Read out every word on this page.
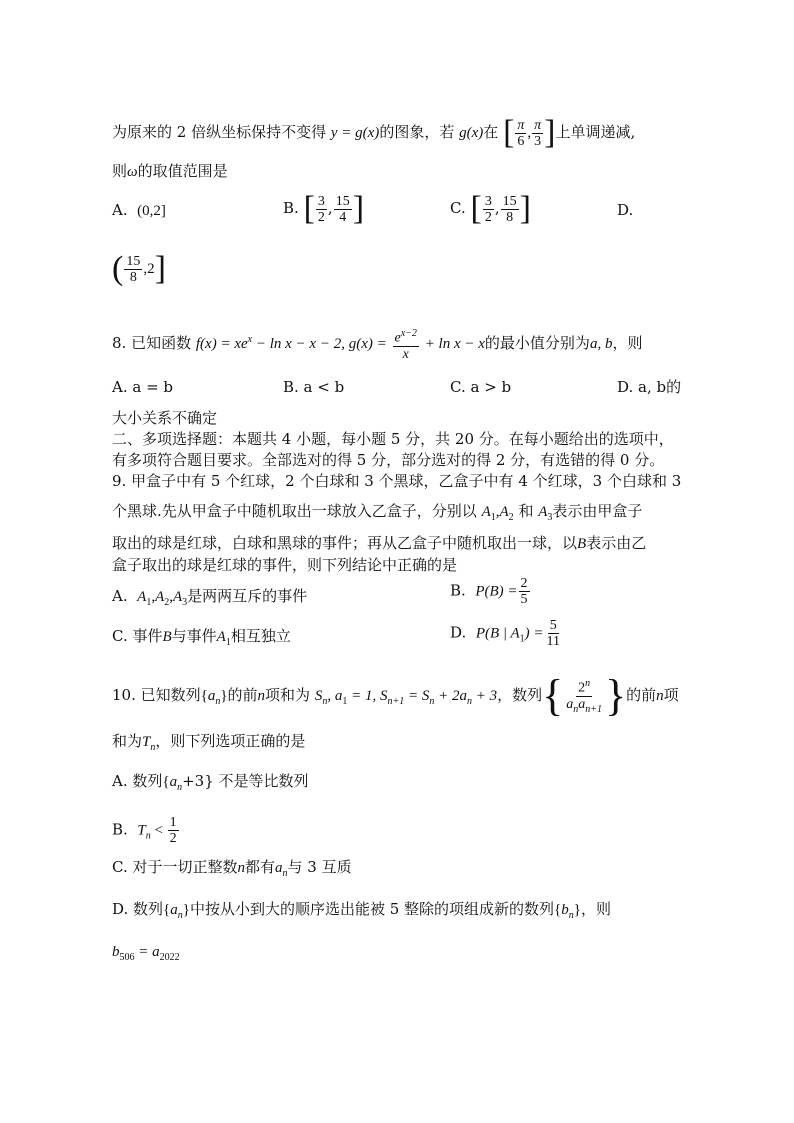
为原来的 2 倍纵坐标保持不变得 y = g(x)的图象，若 g(x)在 [ $\frac{\pi}{6}$ , $\frac{\pi}{3}$ ]上单调递减,
则ω的取值范围是
A. (0,2]	B. [ $\frac{3}{2}$ , $\frac{15}{4}$ ]	C. [ $\frac{3}{2}$ , $\frac{15}{8}$ ]	D.
( $\frac{15}{8} ,2$]
8. 已知函数 $f(x) = xe^x - \ln x - x - 2$, $g(x) = \frac{e^{x-2}}{x} + \ln x - x$的最小值分别为a, b，则
A. a = b	B. a < b	C. a > b	D. a, b的
大小关系不确定
二、多项选择题：本题共 4 小题，每小题 5 分，共 20 分。在每小题给出的选项中，
有多项符合题目要求。全部选对的得 5 分，部分选对的得 2 分，有选错的得 0 分。
9. 甲盒子中有 5 个红球，2 个白球和 3 个黑球，乙盒子中有 4 个红球，3 个白球和 3
个黑球.先从甲盒子中随机取出一球放入乙盒子，分别以 $A_1,A_2$ 和 $A_3$表示由甲盒子
取出的球是红球，白球和黑球的事件；再从乙盒子中随机取出一球，以B表示由乙
盒子取出的球是红球的事件，则下列结论中正确的是
A. $A_1,A_2,A_3$是两两互斥的事件	B. $P(B) = \frac{2}{5}$
C. 事件B与事件$A_1$相互独立	D. P(B | $A_1) = \frac{5}{11}$
10. 已知数列$\{a_n\}$的前n项和为 $S_n$, $a_1 = 1$, $S_{n+1} = S_n + 2a_n + 3$，数列{ $\frac{2^n}{a_na_{n+1}}$ }的前n项
和为$T_n$，则下列选项正确的是
A. 数列$\{a_n+3\}$ 不是等比数列
B. $T_n < \frac{1}{2}$
C. 对于一切正整数n都有$a_n$与 3 互质
D. 数列$\{a_n\}$中按从小到大的顺序选出能被 5 整除的项组成新的数列$\{b_n\}$，则
$b_{506} = a_{2022}$
